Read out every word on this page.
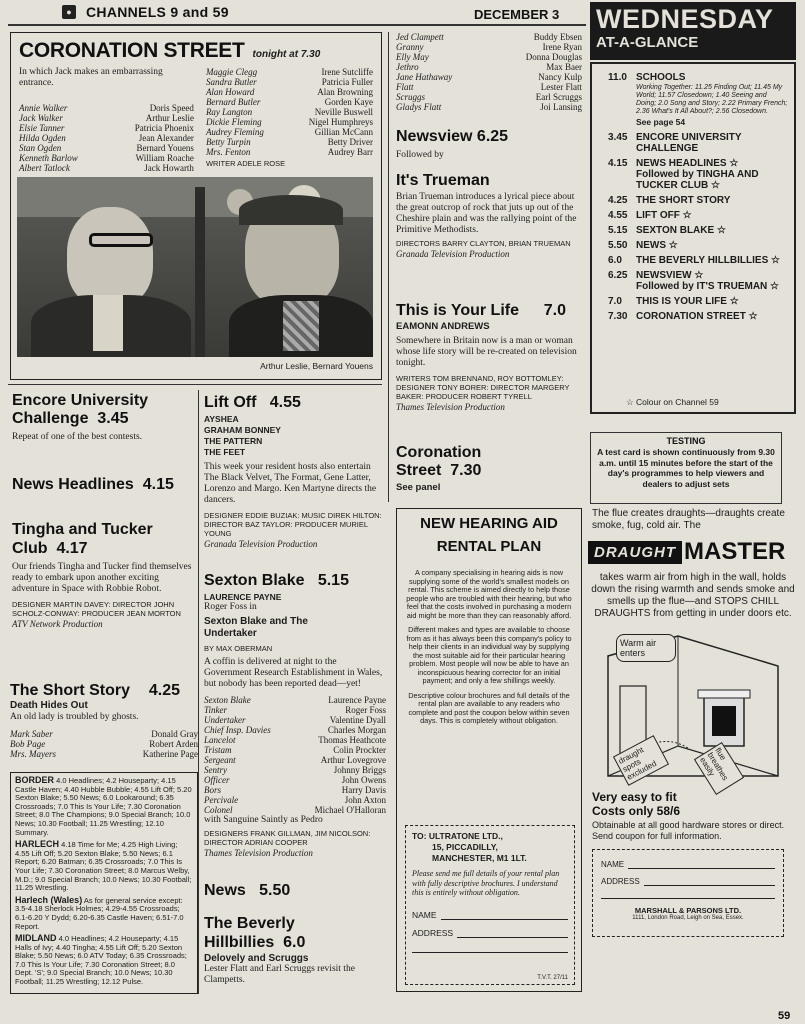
●	CHANNELS 9 and 59	DECEMBER 3 WEDNESDAY
AT-A-GLANCE
CORONATION STREET tonight at 7.30
In which Jack makes an embarrassing entrance.
Annie Walker	Doris Speed
Jack Walker	Arthur Leslie
Elsie Tanner	Patricia Phoenix
Hilda Ogden	Jean Alexander
Stan Ogden	Bernard Youens
Kenneth Barlow	William Roache
Albert Tatlock	Jack Howarth
Maggie Clegg	Irene Sutcliffe
Sandra Butler	Patricia Fuller
Alan Howard	Alan Browning
Bernard Butler	Gorden Kaye
Ray Langton	Neville Buswell
Dickie Fleming	Nigel Humphreys
Audrey Fleming	Gillian McCann
Betty Turpin	Betty Driver
Mrs. Fenton	Audrey Barr
WRITER ADELE ROSE
Arthur Leslie, Bernard Youens
Jed Clampett	Buddy Ebsen
Granny	Irene Ryan
Elly May	Donna Douglas
Jethro	Max Baer
Jane Hathaway	Nancy Kulp
Flatt	Lester Flatt
Scruggs	Earl Scruggs
Gladys Flatt	Joi Lansing
Newsview 6.25
Followed by
It's Trueman
Brian Trueman introduces a lyrical piece about the great outcrop of rock that juts up out of the Cheshire plain and was the rallying point of the Primitive Methodists.
DIRECTORS BARRY CLAYTON, BRIAN TRUEMAN
Granada Television Production
This is Your Life 7.0
EAMONN ANDREWS
Somewhere in Britain now is a man or woman whose life story will be re-created on television tonight.
WRITERS TOM BRENNAND, ROY BOTTOMLEY: DESIGNER TONY BORER: DIRECTOR MARGERY BAKER: PRODUCER ROBERT TYRELL
Thames Television Production
Coronation Street 7.30
See panel
Encore University Challenge 3.45
Repeat of one of the best contests.
News Headlines 4.15
Tingha and Tucker Club 4.17
Our friends Tingha and Tucker find themselves ready to embark upon another exciting adventure in Space with Robbie Robot.
DESIGNER MARTIN DAVEY: DIRECTOR JOHN SCHOLZ-CONWAY: PRODUCER JEAN MORTON
ATV Network Production
The Short Story 4.25
Death Hides Out
An old lady is troubled by ghosts.
Mark Saber	Donald Gray
Bob Page	Robert Arden
Mrs. Mayers	Katherine Page
BORDER 4.0 Headlines; 4.2 Houseparty; 4.15 Castle Haven; 4.40 Hubble Bubble; 4.55 Lift Off; 5.20 Sexton Blake; 5.50 News; 6.0 Lookaround; 6.35 Crossroads; 7.0 This Is Your Life; 7.30 Coronation Street; 8.0 The Champions; 9.0 Special Branch; 10.0 News; 10.30 Football; 11.25 Wrestling; 12.10 Summary.
HARLECH 4.18 Time for Me; 4.25 High Living; 4.55 Lift Off; 5.20 Sexton Blake; 5.50 News; 6.1 Report; 6.20 Batman; 6.35 Crossroads; 7.0 This Is Your Life; 7.30 Coronation Street; 8.0 Marcus Welby, M.D.; 9.0 Special Branch; 10.0 News; 10.30 Football; 11.25 Wrestling.
Harlech (Wales) As for general service except: 3.5-4.18 Sherlock Holmes; 4.29-4.55 Crossroads; 6.1-6.20 Y Dydd; 6.20-6.35 Castle Haven; 6.51-7.0 Report.
MIDLAND 4.0 Headlines; 4.2 Houseparty; 4.15 Halls of Ivy; 4.40 Tingha; 4.55 Lift Off; 5.20 Sexton Blake; 5.50 News; 6.0 ATV Today; 6.35 Crossroads; 7.0 This Is Your Life; 7.30 Coronation Street; 8.0 Dept. 'S'; 9.0 Special Branch; 10.0 News; 10.30 Football; 11.25 Wrestling; 12.12 Pulse.
Lift Off 4.55
AYSHEA
GRAHAM BONNEY
THE PATTERN
THE FEET
This week your resident hosts also entertain The Black Velvet, The Format, Gene Latter, Lorenzo and Margo. Ken Martyne directs the dancers.
DESIGNER EDDIE BUZIAK: MUSIC DIREK HILTON: DIRECTOR BAZ TAYLOR: PRODUCER MURIEL YOUNG
Granada Television Production
Sexton Blake 5.15
LAURENCE PAYNE
Roger Foss in
Sexton Blake and The Undertaker
BY MAX OBERMAN
A coffin is delivered at night to the Government Research Establishment in Wales, but nobody has been reported dead—yet!
Sexton Blake	Laurence Payne
Tinker	Roger Foss
Undertaker	Valentine Dyall
Chief Insp. Davies	Charles Morgan
Lancelot	Thomas Heathcote
Tristam	Colin Prockter
Sergeant	Arthur Lovegrove
Sentry	Johnny Briggs
Officer	John Owens
Bors	Harry Davis
Percivale	John Axton
Colonel	Michael O'Halloran
with Sanguine Saintly as Pedro
DESIGNERS FRANK GILLMAN, JIM NICOLSON: DIRECTOR ADRIAN COOPER
Thames Television Production
News 5.50
The Beverly Hillbillies 6.0
Delovely and Scruggs
Lester Flatt and Earl Scruggs revisit the Clampetts.
NEW HEARING AID
RENTAL PLAN
A company specialising in hearing aids is now supplying some of the world's smallest models on rental. This scheme is aimed directly to help those people who are troubled with their hearing, but who feel that the costs involved in purchasing a modern aid might be more than they can reasonably afford.
Different makes and types are available to choose from as it has always been this company's policy to help their clients in an individual way by supplying the most suitable aid for their particular hearing problem. Most people will now be able to have an inconspicuous hearing corrector for an initial payment; and only a few shillings weekly.
Descriptive colour brochures and full details of the rental plan are available to any readers who complete and post the coupon below within seven days. This is completely without obligation.
TO: ULTRATONE LTD.,
15, PICCADILLY,
MANCHESTER, M1 1LT.
Please send me full details of your rental plan with fully descriptive brochures. I understand this is entirely without obligation.
NAME
ADDRESS
T.V.T. 27/11
11.0 SCHOOLS
Working Together: 11.25 Finding Out; 11.45 My World; 11.57 Closedown; 1.40 Seeing and Doing; 2.0 Song and Story; 2.22 Primary French; 2.36 What's It All About?; 2.56 Closedown.
See page 54
3.45 ENCORE UNIVERSITY CHALLENGE
4.15 NEWS HEADLINES ☆
Followed by TINGHA AND TUCKER CLUB ☆
4.25 THE SHORT STORY
4.55 LIFT OFF ☆
5.15 SEXTON BLAKE ☆
5.50 NEWS ☆
6.0	THE BEVERLY HILLBILLIES ☆
6.25 NEWSVIEW ☆
Followed by IT'S TRUEMAN ☆
7.0	THIS IS YOUR LIFE ☆
7.30 CORONATION STREET ☆
☆ Colour on Channel 59
TESTING
A test card is shown continuously from 9.30 a.m. until 15 minutes before the start of the day's programmes to help viewers and dealers to adjust sets
The flue creates draughts—draughts create smoke, fug, cold air. The
DRAUGHT MASTER
takes warm air from high in the wall, holds down the rising warmth and sends smoke and smells up the flue—and STOPS CHILL DRAUGHTS from getting in under doors etc.
Warm air enters
draught spots excluded
flue breathes easily
Very easy to fit
Costs only 58/6
Obtainable at all good hardware stores or direct. Send coupon for full information.
NAME
ADDRESS
MARSHALL & PARSONS LTD.
1111, London Road, Leigh on Sea, Essex.
59
